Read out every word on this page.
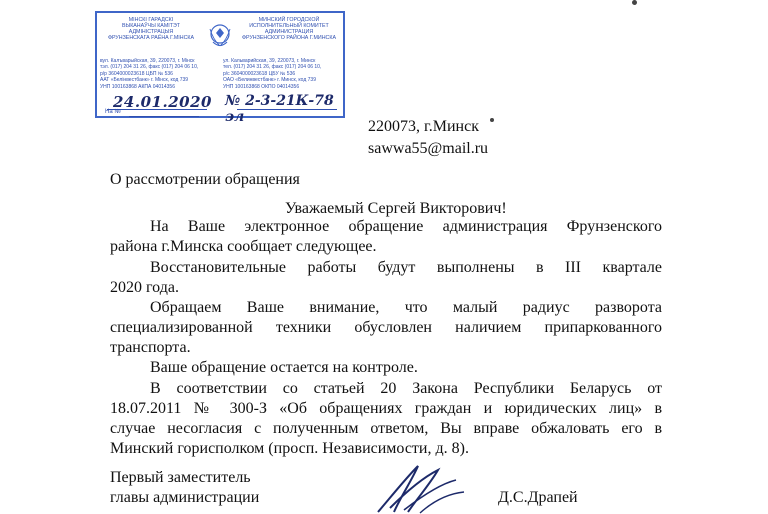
МІНСКІ ГАРАДСКІ
ВЫКАНАЎЧЫ КАМІТЭТ
АДМІНІСТРАЦЫЯ
ФРУНЗЕНСКАГА РАЁНА Г.МІНСКА
МИНСКИЙ ГОРОДСКОЙ
ИСПОЛНИТЕЛЬНЫЙ КОМИТЕТ
АДМИНИСТРАЦИЯ
ФРУНЗЕНСКОГО РАЙОНА Г.МИНСКА
вул. Калъварыйская, 39, 220073, г. Мінск
тэл. (017) 204 31 26, факс (017) 204 06 10,
р/р 3604000023618 ЦБП № 536
ААТ «Белінвестбанк» г. Мінск, код 739
УНП 100163868 АКПА 04014356
ул. Кальварийская, 39, 220073, г. Минск
тел. (017) 204 31 26, факс (017) 204 06 10,
р/с 3604000023618 ЦБУ № 536
ОАО «Белинвестбанк» г. Минск, код 739
УНП 100163868 ОКПО 04014356
24.01.2020 № 2-3-21К-78 эл
На №
220073, г.Минск
sawwa55@mail.ru
О рассмотрении обращения
Уважаемый Сергей Викторович!
На Ваше электронное обращение администрация Фрунзенского
района г.Минска сообщает следующее.
Восстановительные работы будут выполнены в III квартале
2020 года.
Обращаем Ваше внимание, что малый радиус разворота
специализированной техники обусловлен наличием припаркованного
транспорта.
Ваше обращение остается на контроле.
В соответствии со статьей 20 Закона Республики Беларусь от
18.07.2011 № 300-З «Об обращениях граждан и юридических лиц» в
случае несогласия с полученным ответом, Вы вправе обжаловать его в
Минский горисполком (просп. Независимости, д. 8).
Первый заместитель
главы администрации	Д.С.Драпей
